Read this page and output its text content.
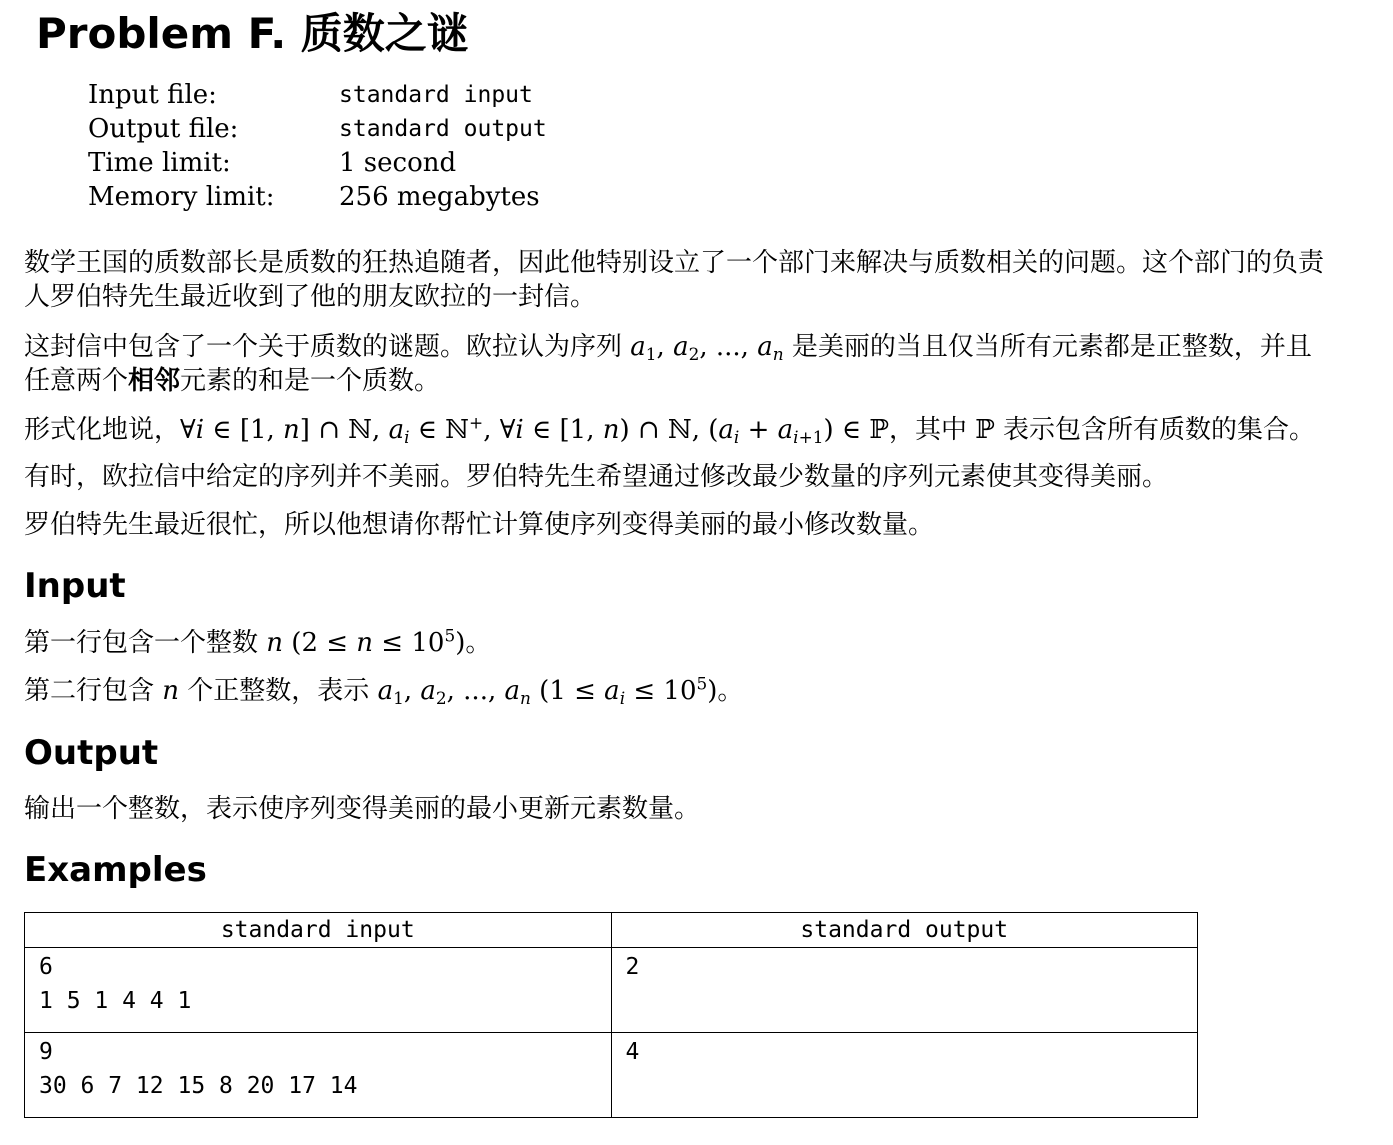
Problem F. 质数之谜
Input file:	standard input
Output file:	standard output
Time limit:	1 second
Memory limit: 256 megabytes
数学王国的质数部长是质数的狂热追随者，因此他特别设立了一个部门来解决与质数相关的问题。这个部门的负责人罗伯特先生最近收到了他的朋友欧拉的一封信。
这封信中包含了一个关于质数的谜题。欧拉认为序列 $a_1$, $a_2$, ..., $a_n$ 是美丽的当且仅当所有元素都是正整数，并且任意两个相邻元素的和是一个质数。
形式化地说，∀i ∈ [1, n] ∩ ℕ, $a_i$ ∈ ℕ+, ∀i ∈ [1, n) ∩ ℕ, $(a_i + a_{i+1})$ ∈ ℙ，其中 ℙ 表示包含所有质数的集合。
有时，欧拉信中给定的序列并不美丽。罗伯特先生希望通过修改最少数量的序列元素使其变得美丽。
罗伯特先生最近很忙，所以他想请你帮忙计算使序列变得美丽的最小修改数量。
Input
第一行包含一个整数 n $(2 \le n \le 10^5)$。
第二行包含 n 个正整数，表示 $a_1$, $a_2$, ..., $a_n$ $(1 \le a_i \le 10^5)$。
Output
输出一个整数，表示使序列变得美丽的最小更新元素数量。
Examples
standard input	standard output

6
1 5 1 4 4 1	2

9
30 6 7 12 15 8 20 17 14	4
